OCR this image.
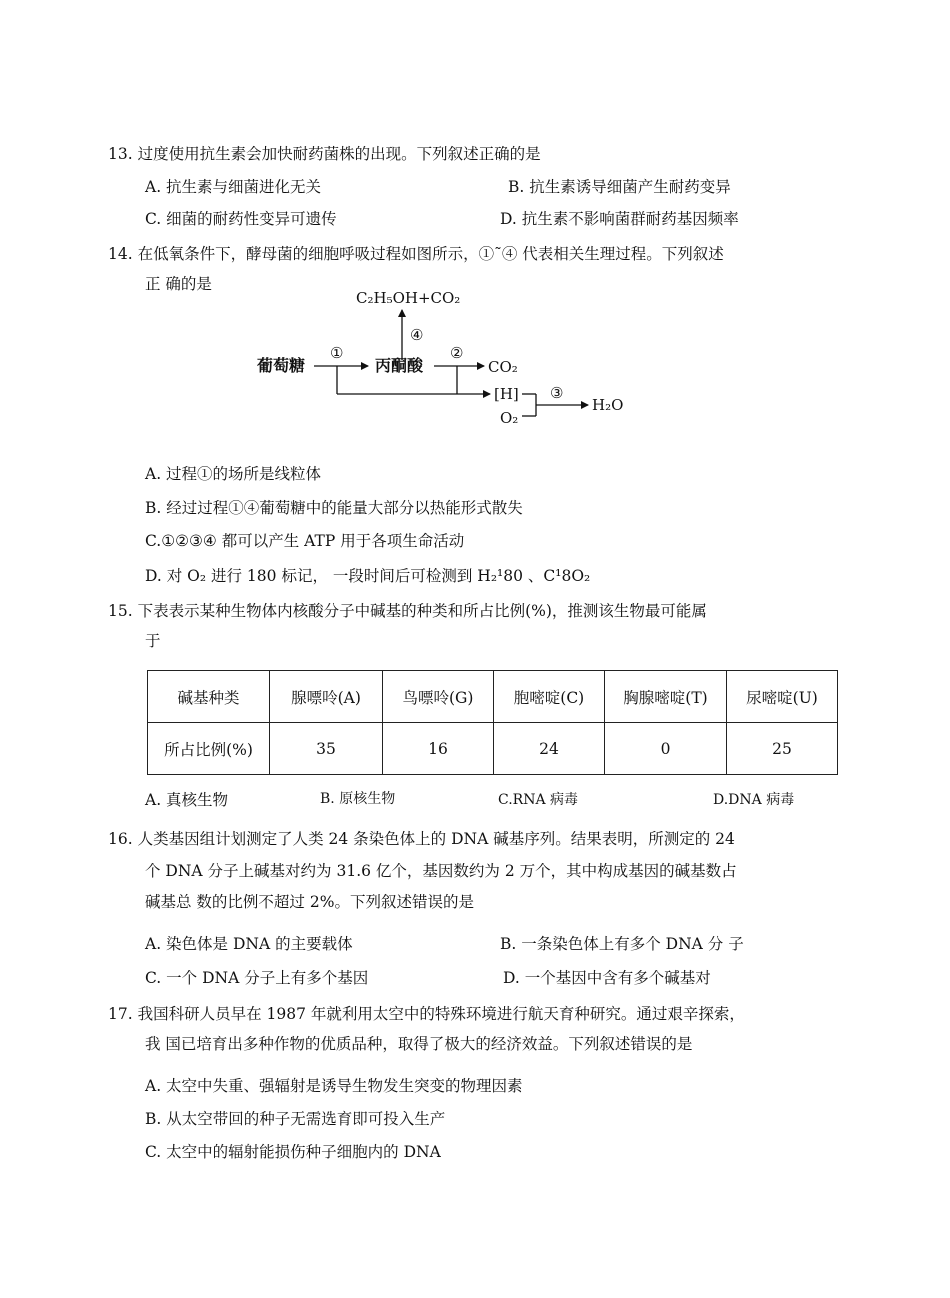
13. 过度使用抗生素会加快耐药菌株的出现。下列叙述正确的是
A. 抗生素与细菌进化无关	B. 抗生素诱导细菌产生耐药变异
C. 细菌的耐药性变异可遗传	D. 抗生素不影响菌群耐药基因频率
14. 在低氧条件下，酵母菌的细胞呼吸过程如图所示，①˜④ 代表相关生理过程。下列叙述
正 确的是
C₂H₅OH+CO₂
④
葡萄糖
①
丙酮酸
②
CO₂
[H]
O₂
③
H₂O
A. 过程①的场所是线粒体
B. 经过过程①④葡萄糖中的能量大部分以热能形式散失
C.①②③④ 都可以产生 ATP 用于各项生命活动
D. 对 O₂ 进行 180 标记， 一段时间后可检测到 H₂¹80 、C¹8O₂
15. 下表表示某种生物体内核酸分子中碱基的种类和所占比例(%)，推测该生物最可能属
于
碱基种类	腺嘌呤(A)	鸟嘌呤(G)	胞嘧啶(C)	胸腺嘧啶(T)	尿嘧啶(U)
所占比例(%)	35	16	24	0	25
A. 真核生物	B. 原核生物	C.RNA 病毒	D.DNA 病毒
16. 人类基因组计划测定了人类 24 条染色体上的 DNA 碱基序列。结果表明，所测定的 24
个 DNA 分子上碱基对约为 31.6 亿个，基因数约为 2 万个，其中构成基因的碱基数占
碱基总 数的比例不超过 2%。下列叙述错误的是
A. 染色体是 DNA 的主要载体	B. 一条染色体上有多个 DNA 分 子
C. 一个 DNA 分子上有多个基因	D. 一个基因中含有多个碱基对
17. 我国科研人员早在 1987 年就利用太空中的特殊环境进行航天育种研究。通过艰辛探索，
我 国已培育出多种作物的优质品种，取得了极大的经济效益。下列叙述错误的是
A. 太空中失重、强辐射是诱导生物发生突变的物理因素
B. 从太空带回的种子无需选育即可投入生产
C. 太空中的辐射能损伤种子细胞内的 DNA
